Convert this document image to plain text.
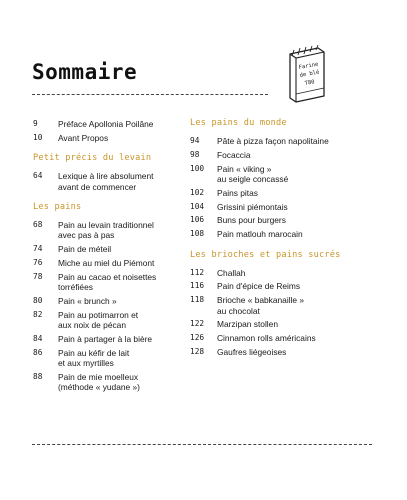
Sommaire	Farine
de blé
T80
9	Préface Apollonia Poilâne
10	Avant Propos
Petit précis du levain
64	Lexique à lire absolument
avant de commencer
Les pains
68	Pain au levain traditionnel
avec pas à pas
74	Pain de méteil
76	Miche au miel du Piémont
78	Pain au cacao et noisettes
torréfiées
80	Pain « brunch »
82	Pain au potimarron et
aux noix de pécan
84	Pain à partager à la bière
86	Pain au kéfir de lait
et aux myrtilles
88	Pain de mie moelleux
(méthode « yudane »)
Les pains du monde
94	Pâte à pizza façon napolitaine
98	Focaccia
100	Pain « viking »
au seigle concassé
102	Pains pitas
104	Grissini piémontais
106	Buns pour burgers
108	Pain matlouh marocain
Les brioches et pains sucrés
112	Challah
116	Pain d'épice de Reims
118	Brioche « babkanaille »
au chocolat
122	Marzipan stollen
126	Cinnamon rolls américains
128	Gaufres liégeoises
